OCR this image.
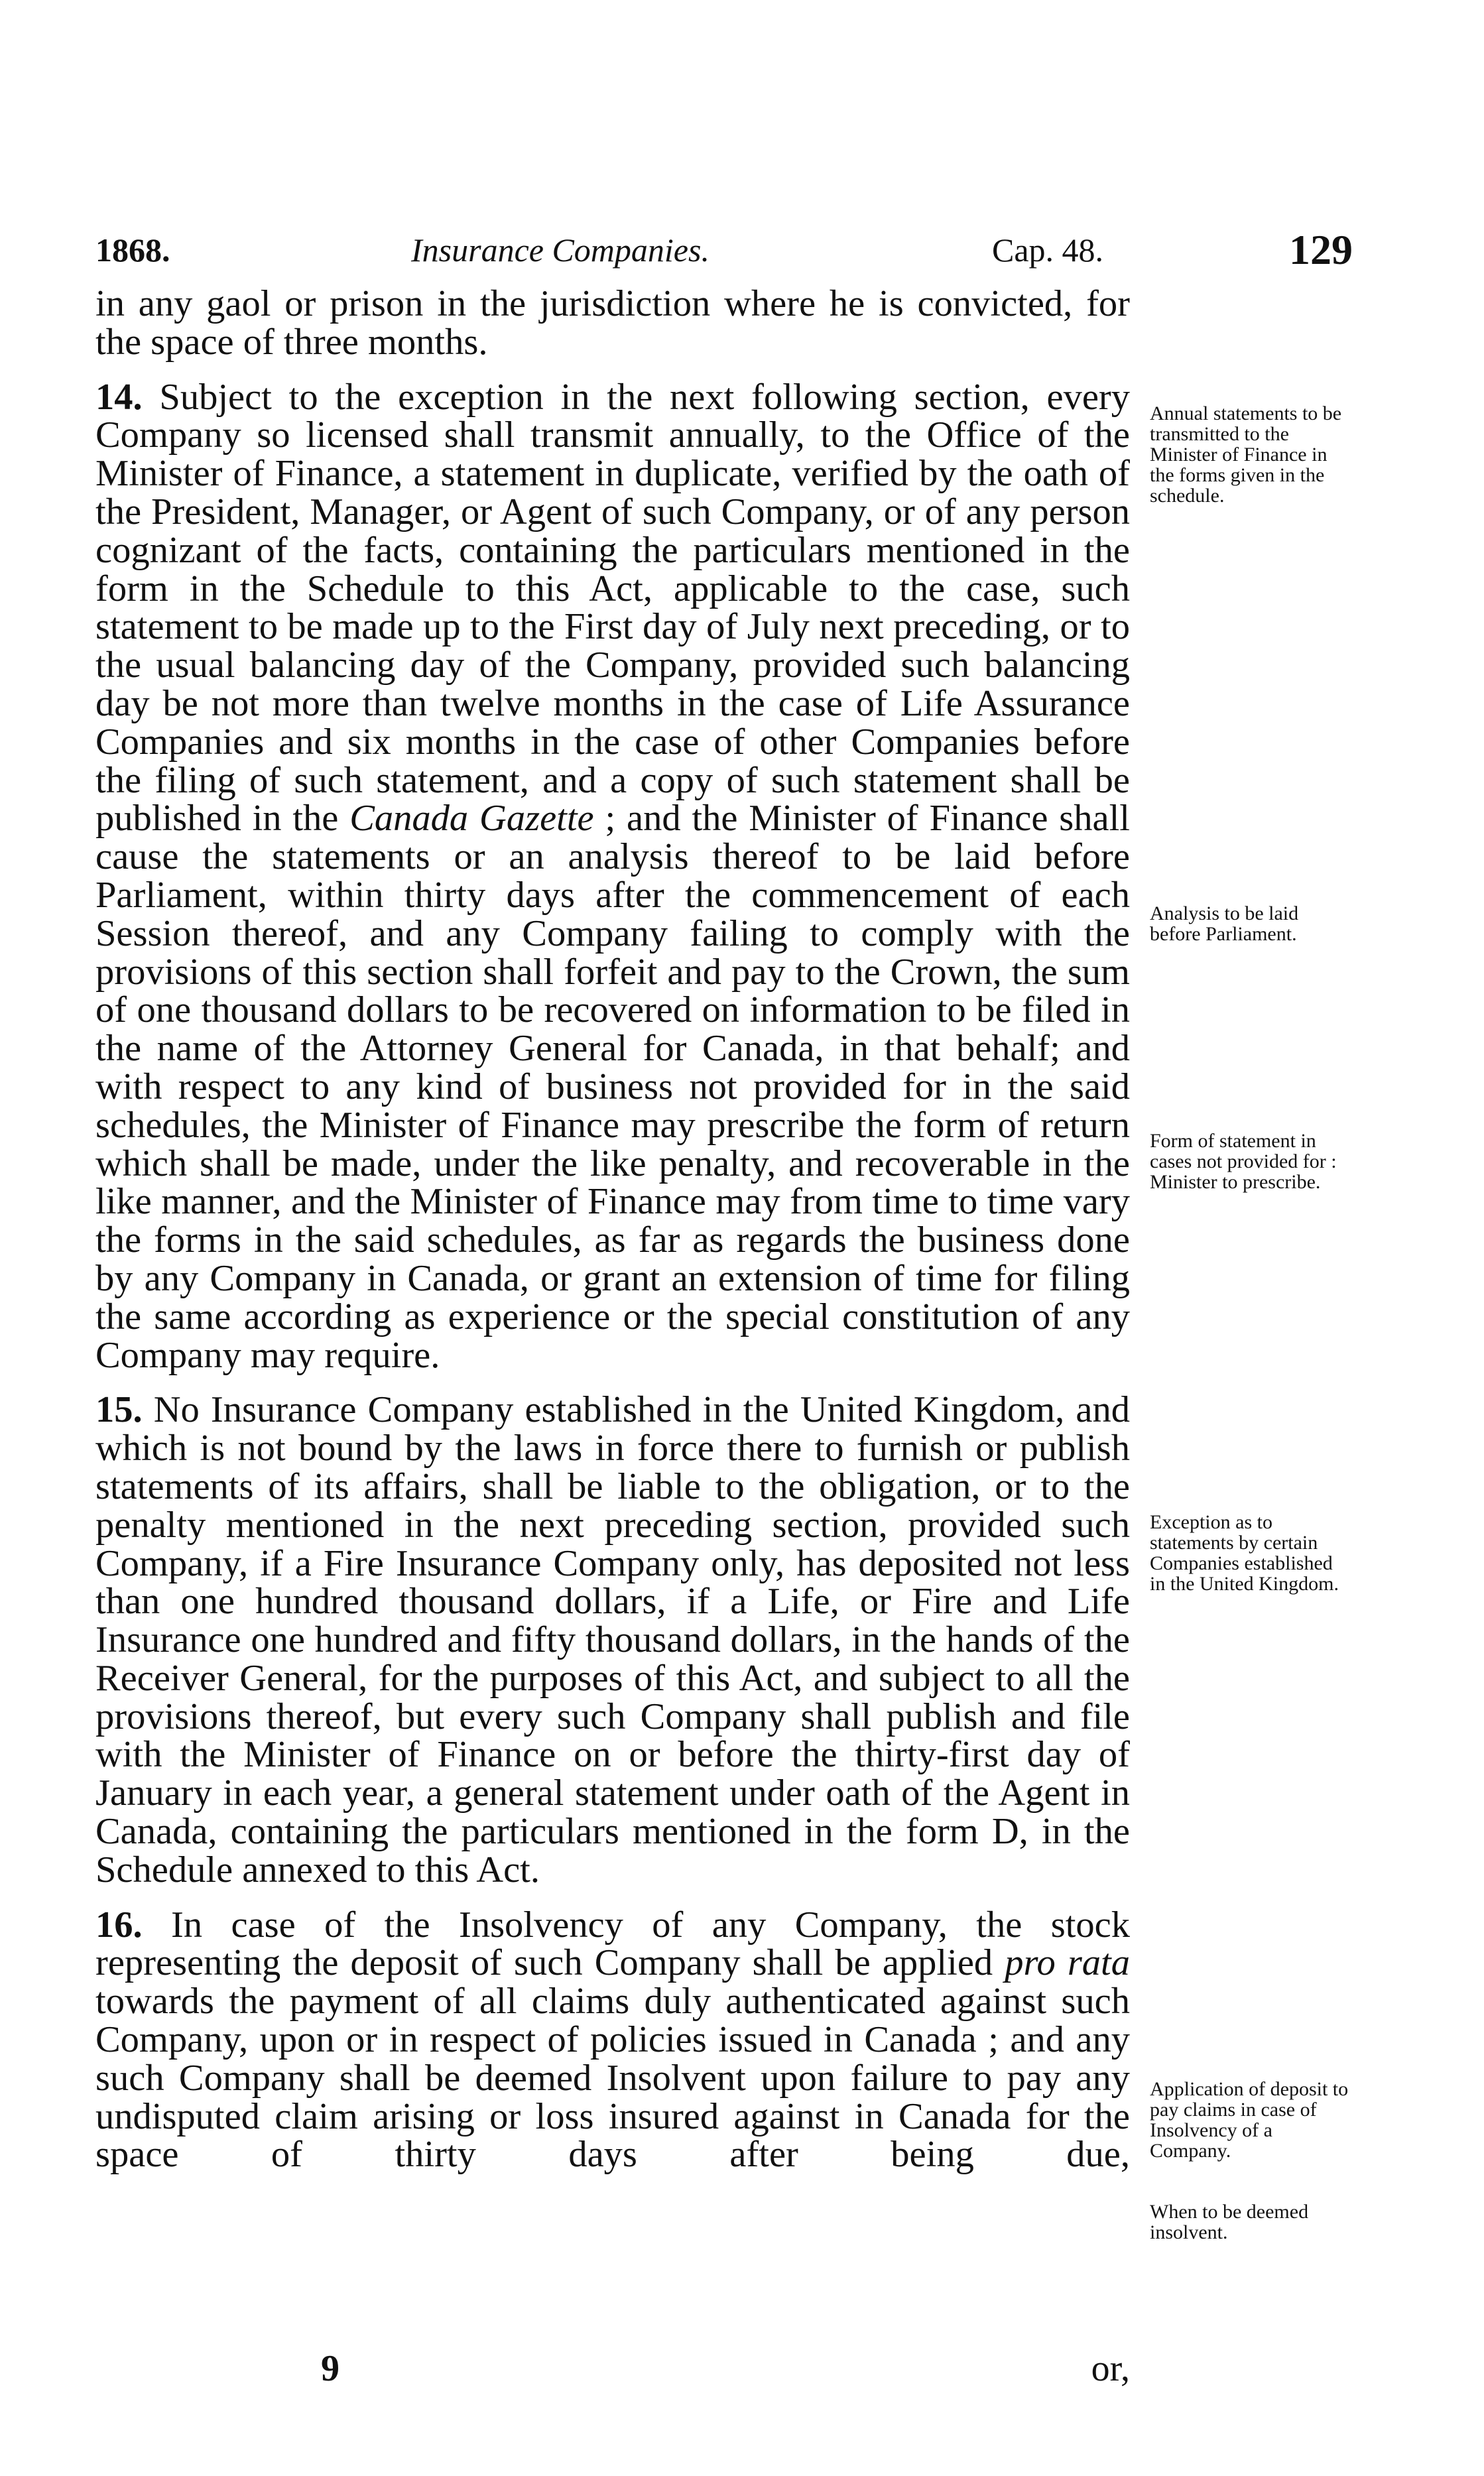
1868.	Insurance Companies.	Cap. 48.	129

in any gaol or prison in the jurisdiction where he is convicted, for the space of three months.

14. Subject to the exception in the next following section, every Company so licensed shall transmit annually, to the Office of the Minister of Finance, a statement in duplicate, verified by the oath of the President, Manager, or Agent of such Company, or of any person cognizant of the facts, containing the particulars mentioned in the form in the Schedule to this Act, applicable to the case, such statement to be made up to the First day of July next preceding, or to the usual balancing day of the Company, provided such balancing day be not more than twelve months in the case of Life Assurance Companies and six months in the case of other Companies before the filing of such statement, and a copy of such statement shall be published in the Canada Gazette ; and the Minister of Finance shall cause the statements or an analysis thereof to be laid before Parliament, within thirty days after the commencement of each Session thereof, and any Company failing to comply with the provisions of this section shall forfeit and pay to the Crown, the sum of one thousand dollars to be recovered on information to be filed in the name of the Attorney General for Canada, in that behalf; and with respect to any kind of business not provided for in the said schedules, the Minister of Finance may prescribe the form of return which shall be made, under the like penalty, and recoverable in the like manner, and the Minister of Finance may from time to time vary the forms in the said schedules, as far as regards the business done by any Company in Canada, or grant an extension of time for filing the same according as experience or the special constitution of any Company may require.

15. No Insurance Company established in the United Kingdom, and which is not bound by the laws in force there to furnish or publish statements of its affairs, shall be liable to the obligation, or to the penalty mentioned in the next preceding section, provided such Company, if a Fire Insurance Company only, has deposited not less than one hundred thousand dollars, if a Life, or Fire and Life Insurance one hundred and fifty thousand dollars, in the hands of the Receiver General, for the purposes of this Act, and subject to all the provisions thereof, but every such Company shall publish and file with the Minister of Finance on or before the thirty-first day of January in each year, a general statement under oath of the Agent in Canada, containing the particulars mentioned in the form D, in the Schedule annexed to this Act.

16. In case of the Insolvency of any Company, the stock representing the deposit of such Company shall be applied pro rata towards the payment of all claims duly authenticated against such Company, upon or in respect of policies issued in Canada ; and any such Company shall be deemed Insolvent upon failure to pay any undisputed claim arising or loss insured against in Canada for the space of thirty days after being due,

Annual statements to be transmitted to the Minister of Finance in the forms given in the schedule.
Analysis to be laid before Parliament.
Form of statement in cases not provided for : Minister to prescribe.
Exception as to statements by certain Companies established in the United Kingdom.
Application of deposit to pay claims in case of Insolvency of a Company.
When to be deemed insolvent.
9	or,
